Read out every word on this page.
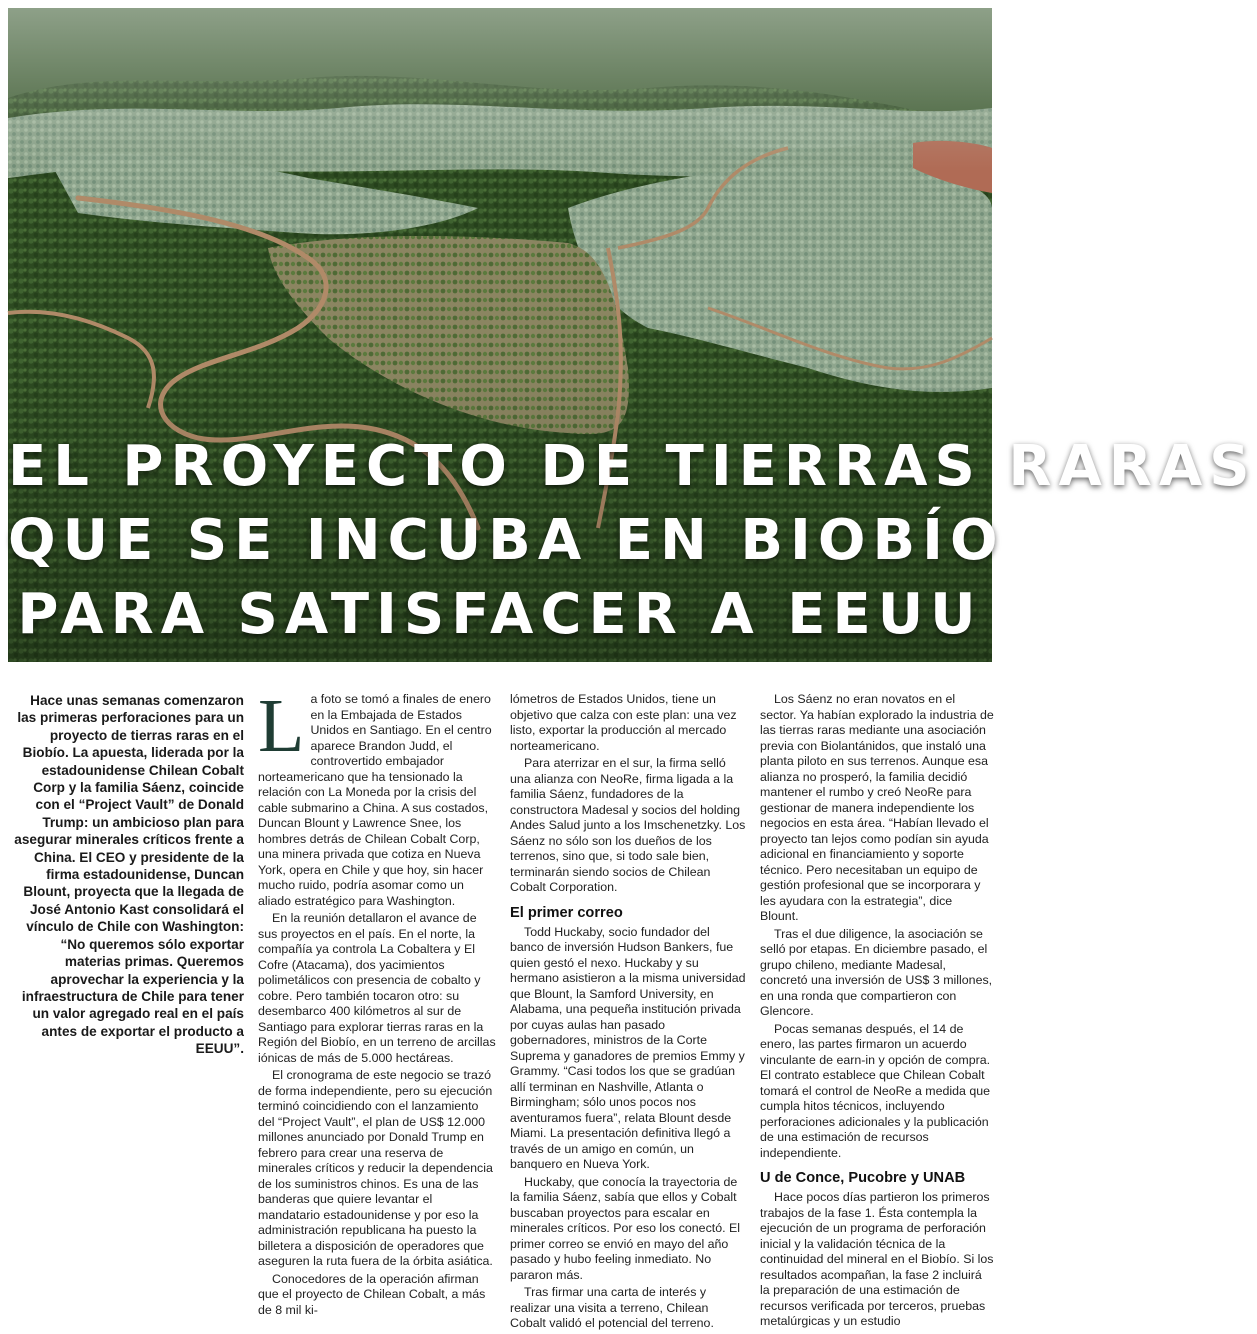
EL PROYECTO DE TIERRAS RARAS
QUE SE INCUBA EN BIOBÍO
PARA SATISFACER A EEUU

Hace unas semanas comenzaron las primeras perforaciones para un proyecto de tierras raras en el Biobío. La apuesta, liderada por la estadounidense Chilean Cobalt Corp y la familia Sáenz, coincide con el “Project Vault” de Donald Trump: un ambicioso plan para asegurar minerales críticos frente a China. El CEO y presidente de la firma estadounidense, Duncan Blount, proyecta que la llegada de José Antonio Kast consolidará el vínculo de Chile con Washington: “No queremos sólo exportar materias primas. Queremos aprovechar la experiencia y la infraestructura de Chile para tener un valor agregado real en el país antes de exportar el producto a EEUU”.

L a foto se tomó a finales de enero en la Embajada de Estados Unidos en Santiago. En el centro aparece Brandon Judd, el controvertido embajador norteamericano que ha tensionado la relación con La Moneda por la crisis del cable submarino a China. A sus costados, Duncan Blount y Lawrence Snee, los hombres detrás de Chilean Cobalt Corp, una minera privada que cotiza en Nueva York, opera en Chile y que hoy, sin hacer mucho ruido, podría asomar como un aliado estratégico para Washington.

En la reunión detallaron el avance de sus proyectos en el país. En el norte, la compañía ya controla La Cobaltera y El Cofre (Atacama), dos yacimientos polimetálicos con presencia de cobalto y cobre. Pero también tocaron otro: su desembarco 400 kilómetros al sur de Santiago para explorar tierras raras en la Región del Biobío, en un terreno de arcillas iónicas de más de 5.000 hectáreas.

El cronograma de este negocio se trazó de forma independiente, pero su ejecución terminó coincidiendo con el lanzamiento del “Project Vault”, el plan de US$ 12.000 millones anunciado por Donald Trump en febrero para crear una reserva de minerales críticos y reducir la dependencia de los suministros chinos. Es una de las banderas que quiere levantar el mandatario estadounidense y por eso la administración republicana ha puesto la billetera a disposición de operadores que aseguren la ruta fuera de la órbita asiática.

Conocedores de la operación afirman que el proyecto de Chilean Cobalt, a más de 8 mil ki-

lómetros de Estados Unidos, tiene un objetivo que calza con este plan: una vez listo, exportar la producción al mercado norteamericano.

Para aterrizar en el sur, la firma selló una alianza con NeoRe, firma ligada a la familia Sáenz, fundadores de la constructora Madesal y socios del holding Andes Salud junto a los Imschenetzky. Los Sáenz no sólo son los dueños de los terrenos, sino que, si todo sale bien, terminarán siendo socios de Chilean Cobalt Corporation.

El primer correo

Todd Huckaby, socio fundador del banco de inversión Hudson Bankers, fue quien gestó el nexo. Huckaby y su hermano asistieron a la misma universidad que Blount, la Samford University, en Alabama, una pequeña institución privada por cuyas aulas han pasado gobernadores, ministros de la Corte Suprema y ganadores de premios Emmy y Grammy. “Casi todos los que se gradúan allí terminan en Nashville, Atlanta o Birmingham; sólo unos pocos nos aventuramos fuera”, relata Blount desde Miami. La presentación definitiva llegó a través de un amigo en común, un banquero en Nueva York.

Huckaby, que conocía la trayectoria de la familia Sáenz, sabía que ellos y Cobalt buscaban proyectos para escalar en minerales críticos. Por eso los conectó. El primer correo se envió en mayo del año pasado y hubo feeling inmediato. No pararon más.

Tras firmar una carta de interés y realizar una visita a terreno, Chilean Cobalt validó el potencial del terreno.

Los Sáenz no eran novatos en el sector. Ya habían explorado la industria de las tierras raras mediante una asociación previa con Biolantánidos, que instaló una planta piloto en sus terrenos. Aunque esa alianza no prosperó, la familia decidió mantener el rumbo y creó NeoRe para gestionar de manera independiente los negocios en esta área. “Habían llevado el proyecto tan lejos como podían sin ayuda adicional en financiamiento y soporte técnico. Pero necesitaban un equipo de gestión profesional que se incorporara y les ayudara con la estrategia”, dice Blount.

Tras el due diligence, la asociación se selló por etapas. En diciembre pasado, el grupo chileno, mediante Madesal, concretó una inversión de US$ 3 millones, en una ronda que compartieron con Glencore.

Pocas semanas después, el 14 de enero, las partes firmaron un acuerdo vinculante de earn-in y opción de compra. El contrato establece que Chilean Cobalt tomará el control de NeoRe a medida que cumpla hitos técnicos, incluyendo perforaciones adicionales y la publicación de una estimación de recursos independiente.

U de Conce, Pucobre y UNAB

Hace pocos días partieron los primeros trabajos de la fase 1. Ésta contempla la ejecución de un programa de perforación inicial y la validación técnica de la continuidad del mineral en el Biobío. Si los resultados acompañan, la fase 2 incluirá la preparación de una estimación de recursos verificada por terceros, pruebas metalúrgicas y un estudio
